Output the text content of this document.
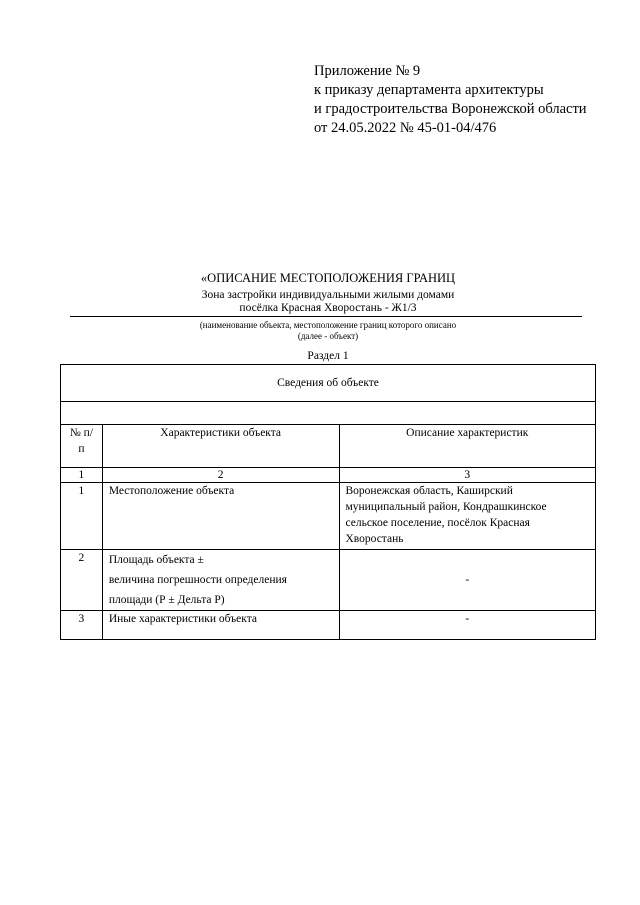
Приложение № 9
к приказу департамента архитектуры
и градостроительства Воронежской области
от 24.05.2022 № 45-01-04/476
«ОПИСАНИЕ МЕСТОПОЛОЖЕНИЯ ГРАНИЦ
Зона застройки индивидуальными жилыми домами
посёлка Красная Хворостань - Ж1/3
(наименование объекта, местоположение границ которого описано
(далее - объект)
Раздел 1
Сведения об объекте		

№ п/п	Характеристики объекта	Описание характеристик
1	2	3
1	Местоположение объекта	Воронежская область, Каширский муниципальный район, Кондрашкинское сельское поселение, посёлок Красная Хворостань
2	Площадь объекта ±
величина погрешности определения
площади (Р ± Дельта Р)	-
3	Иные характеристики объекта	-
